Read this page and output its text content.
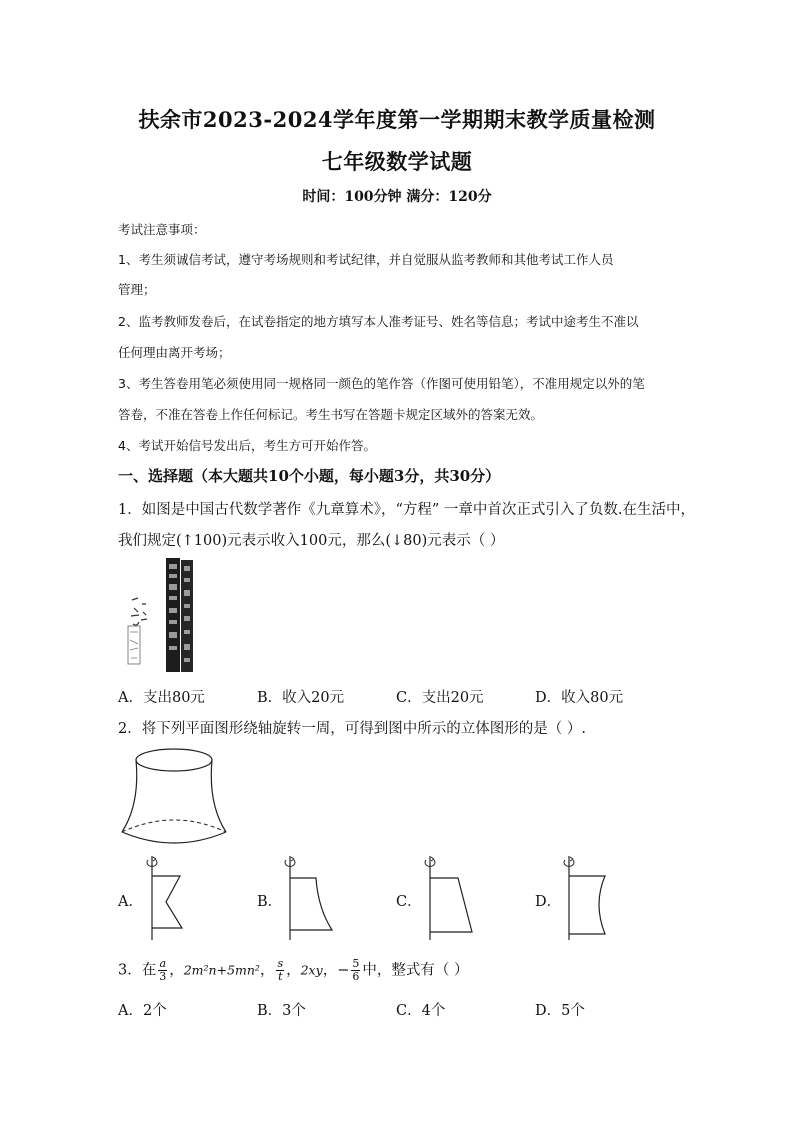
扶余市2023-2024学年度第一学期期末教学质量检测
七年级数学试题
时间：100分钟 满分：120分
考试注意事项：
1、考生须诚信考试，遵守考场规则和考试纪律，并自觉服从监考教师和其他考试工作人员
管理；
2、监考教师发卷后，在试卷指定的地方填写本人准考证号、姓名等信息；考试中途考生不准以
任何理由离开考场；
3、考生答卷用笔必须使用同一规格同一颜色的笔作答（作图可使用铅笔），不准用规定以外的笔
答卷，不准在答卷上作任何标记。考生书写在答题卡规定区域外的答案无效。
4、考试开始信号发出后，考生方可开始作答。
一、选择题（本大题共10个小题，每小题3分，共30分）
1．如图是中国古代数学著作《九章算术》，“方程” 一章中首次正式引入了负数.在生活中，
我们规定(↑100)元表示收入100元，那么(↓80)元表示（ ）
A．支出80元	B．收入20元	C．支出20元	D．收入80元
2．将下列平面图形绕轴旋转一周，可得到图中所示的立体图形的是（ ）.
A．	B．	C．	D．
3．在 $\frac{a}{3}$ ，2m²n+5mn²， $\frac{s}{t}$ ，2xy，− $\frac{5}{6}$ 中，整式有（ ）
A．2个	B．3个	C．4个	D．5个
